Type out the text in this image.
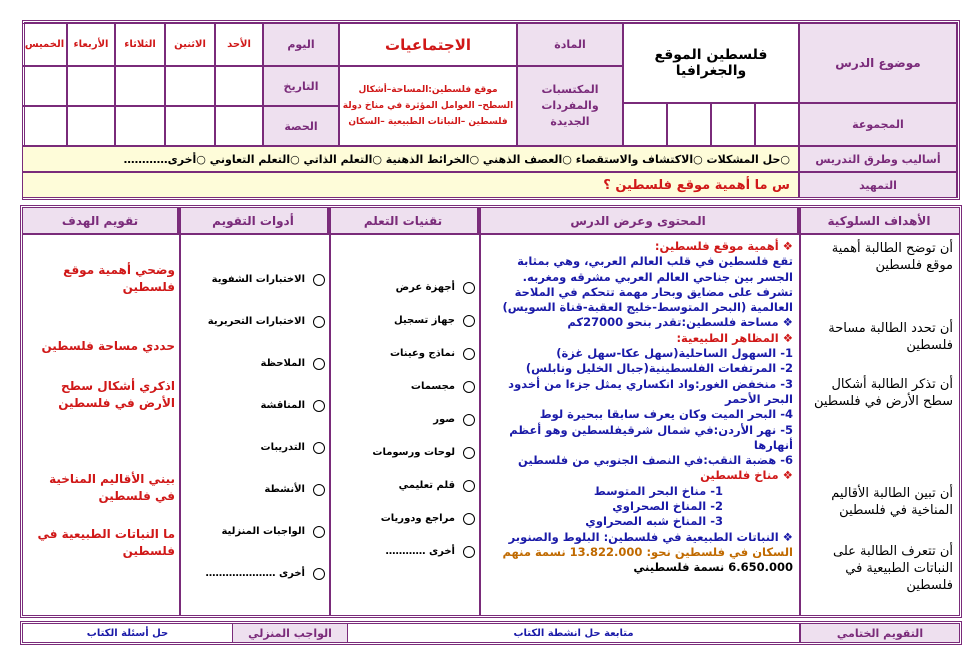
موضوع الدرس
فلسطين الموقع والجغرافيا
المادة
الاجتماعيات
اليوم
الأحد
الاثنين
الثلاثاء
الأربعاء
الخميس
المكتسبات والمفردات الجديدة
موقع فلسطين:المساحة–أشكال السطح– العوامل المؤثرة في مناخ دولة فلسطين –النباتات الطبيعية –السكان
التاريخ
الحصة	المجموعة
أساليب وطرق التدريس
○حل المشكلات ○الاكتشاف والاستقصاء ○العصف الذهني ○الخرائط الذهنية ○التعلم الذاتي ○التعلم التعاوني ○أخرى…………
التمهيد
س ما أهمية موقع فلسطين ؟
الأهداف السلوكية
المحتوى وعرض الدرس
تقنيات التعلم
أدوات التقويم
تقويم الهدف
أن توضح الطالبة أهمية موقع فلسطين
أن تحدد الطالبة مساحة فلسطين
أن تذكر الطالبة أشكال سطح الأرض في فلسطين
أن تبين الطالبة الأقاليم المناخية في فلسطين
أن تتعرف الطالبة على النباتات الطبيعية في فلسطين
❖ أهمية موقع فلسطين:
تقع فلسطين في قلب العالم العربي، وهي بمثابة الجسر بين جناحي العالم العربي مشرقه ومغربه.
تشرف على مضايق وبحار مهمة تتحكم في الملاحة العالمية (البحر المتوسط-خليج العقبة-قناة السويس)
❖ مساحة فلسطين:تقدر بنحو 27000كم
❖ المظاهر الطبيعية:
1- السهول الساحلية(سهل عكا-سهل غزة)
2- المرتفعات الفلسطينية(جبال الخليل ونابلس)
3- منخفض الغور:واد انكساري يمثل جزءا من أخدود البحر الأحمر
4- البحر الميت وكان يعرف سابقا ببحيرة لوط
5- نهر الأردن:في شمال شرقيفلسطين وهو أعظم أنهارها
6- هضبة النقب:في النصف الجنوبي من فلسطين
❖ مناخ فلسطين
1- مناخ البحر المتوسط
2- المناخ الصحراوي
3- المناخ شبه الصحراوي
❖ النباتات الطبيعية في فلسطين: البلوط والصنوبر
السكان في فلسطين نحو: 13.822.000 نسمة منهم
6.650.000 نسمة فلسطيني
أجهزة عرض
جهاز تسجيل
نماذج وعينات
مجسمات
صور
لوحات ورسومات
قلم تعليمي
مراجع ودوريات
أخرى …………
الاختبارات الشفوية
الاختبارات التحريرية
الملاحظة
المناقشة
التدريبات
الأنشطة
الواجبات المنزلية
أخرى …………………
وضحي أهمية موقع فلسطين
حددي مساحة فلسطين
اذكري أشكال سطح الأرض في فلسطين
بيني الأقاليم المناخية في فلسطين
ما النباتات الطبيعية في فلسطين
التقويم الختامي
متابعة حل انشطة الكتاب
الواجب المنزلي
حل أسئلة الكتاب
